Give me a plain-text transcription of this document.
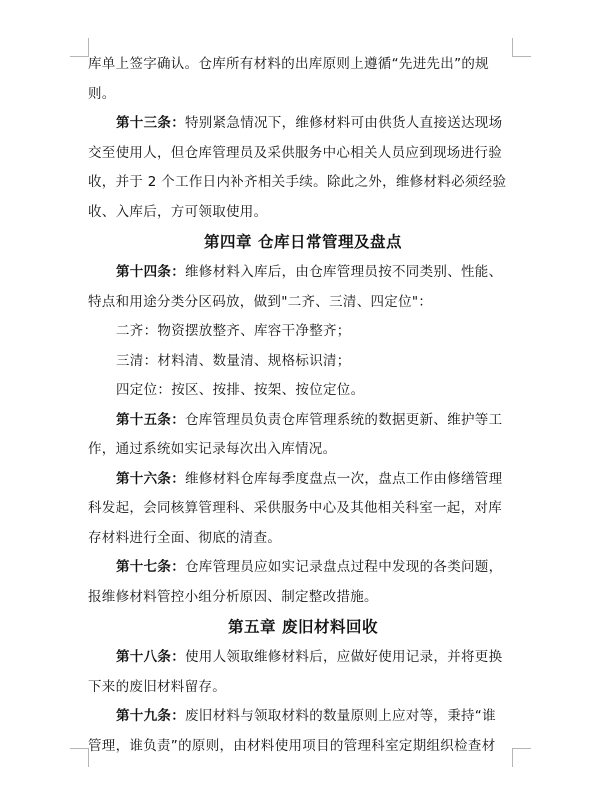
库单上签字确认。仓库所有材料的出库原则上遵循“先进先出”的规
则。
第十三条：特别紧急情况下，维修材料可由供货人直接送达现场
交至使用人，但仓库管理员及采供服务中心相关人员应到现场进行验
收，并于 2 个工作日内补齐相关手续。除此之外，维修材料必须经验
收、入库后，方可领取使用。
第四章 仓库日常管理及盘点
第十四条：维修材料入库后，由仓库管理员按不同类别、性能、
特点和用途分类分区码放，做到"二齐、三清、四定位"：
二齐：物资摆放整齐、库容干净整齐；
三清：材料清、数量清、规格标识清；
四定位：按区、按排、按架、按位定位。
第十五条：仓库管理员负责仓库管理系统的数据更新、维护等工
作，通过系统如实记录每次出入库情况。
第十六条：维修材料仓库每季度盘点一次，盘点工作由修缮管理
科发起，会同核算管理科、采供服务中心及其他相关科室一起，对库
存材料进行全面、彻底的清查。
第十七条：仓库管理员应如实记录盘点过程中发现的各类问题，
报维修材料管控小组分析原因、制定整改措施。
第五章 废旧材料回收
第十八条：使用人领取维修材料后，应做好使用记录，并将更换
下来的废旧材料留存。
第十九条：废旧材料与领取材料的数量原则上应对等，秉持“谁
管理，谁负责”的原则，由材料使用项目的管理科室定期组织检查材
